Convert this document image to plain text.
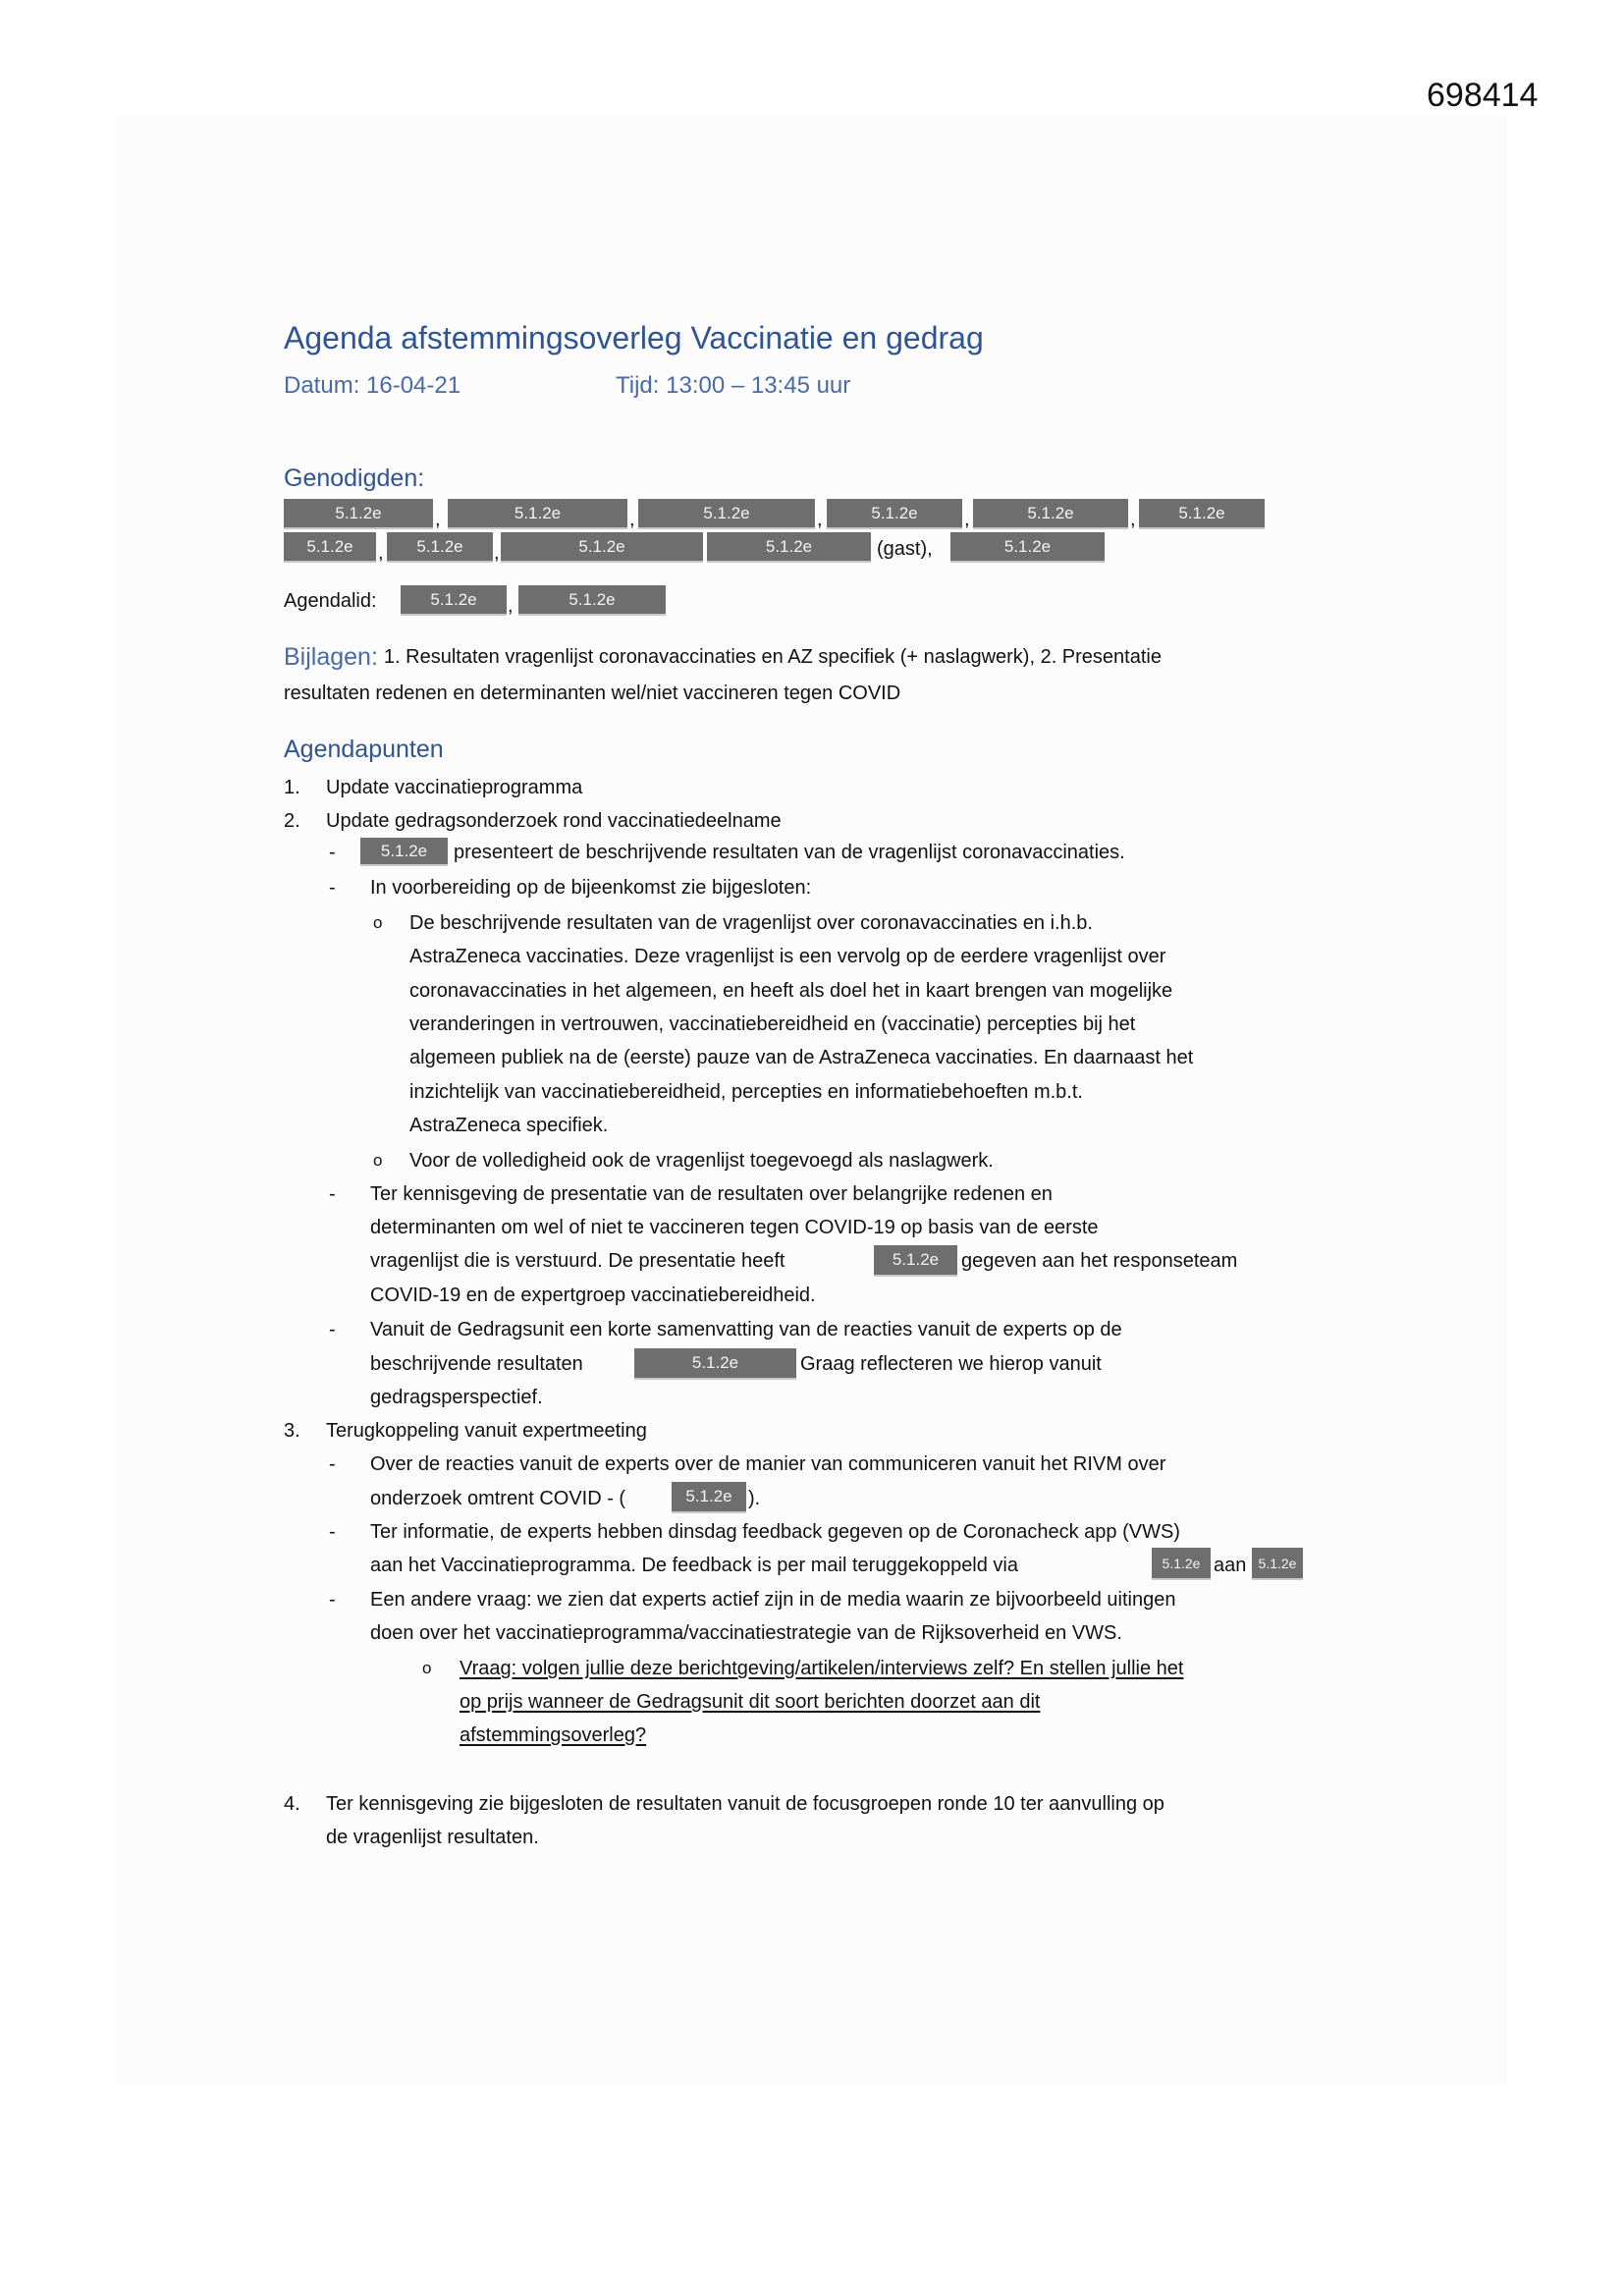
698414
Agenda afstemmingsoverleg Vaccinatie en gedrag
Datum: 16-04-21	Tijd: 13:00 – 13:45 uur
Genodigden:
5.1.2e	,	5.1.2e	,	5.1.2e	,	5.1.2e	,	5.1.2e	,	5.1.2e
5.1.2e	,	5.1.2e	,	5.1.2e	5.1.2e	(gast),	5.1.2e
Agendalid:	5.1.2e	,	5.1.2e
Bijlagen: 1. Resultaten vragenlijst coronavaccinaties en AZ specifiek (+ naslagwerk), 2. Presentatie
resultaten redenen en determinanten wel/niet vaccineren tegen COVID
Agendapunten
1. Update vaccinatieprogramma
2. Update gedragsonderzoek rond vaccinatiedeelname
-	5.1.2e	presenteert de beschrijvende resultaten van de vragenlijst coronavaccinaties.
- In voorbereiding op de bijeenkomst zie bijgesloten:
o De beschrijvende resultaten van de vragenlijst over coronavaccinaties en i.h.b.
AstraZeneca vaccinaties. Deze vragenlijst is een vervolg op de eerdere vragenlijst over
coronavaccinaties in het algemeen, en heeft als doel het in kaart brengen van mogelijke
veranderingen in vertrouwen, vaccinatiebereidheid en (vaccinatie) percepties bij het
algemeen publiek na de (eerste) pauze van de AstraZeneca vaccinaties. En daarnaast het
inzichtelijk van vaccinatiebereidheid, percepties en informatiebehoeften m.b.t.
AstraZeneca specifiek.
o Voor de volledigheid ook de vragenlijst toegevoegd als naslagwerk.
- Ter kennisgeving de presentatie van de resultaten over belangrijke redenen en
determinanten om wel of niet te vaccineren tegen COVID-19 op basis van de eerste
vragenlijst die is verstuurd. De presentatie heeft	5.1.2e	gegeven aan het responseteam
COVID-19 en de expertgroep vaccinatiebereidheid.
- Vanuit de Gedragsunit een korte samenvatting van de reacties vanuit de experts op de
beschrijvende resultaten	5.1.2e	Graag reflecteren we hierop vanuit
gedragsperspectief.
3. Terugkoppeling vanuit expertmeeting
- Over de reacties vanuit de experts over de manier van communiceren vanuit het RIVM over
onderzoek omtrent COVID - (	5.1.2e ).
- Ter informatie, de experts hebben dinsdag feedback gegeven op de Coronacheck app (VWS)
aan het Vaccinatieprogramma. De feedback is per mail teruggekoppeld via	5.1.2e aan 5.1.2e
- Een andere vraag: we zien dat experts actief zijn in de media waarin ze bijvoorbeeld uitingen
doen over het vaccinatieprogramma/vaccinatiestrategie van de Rijksoverheid en VWS.
o Vraag: volgen jullie deze berichtgeving/artikelen/interviews zelf? En stellen jullie het
op prijs wanneer de Gedragsunit dit soort berichten doorzet aan dit
afstemmingsoverleg?
4. Ter kennisgeving zie bijgesloten de resultaten vanuit de focusgroepen ronde 10 ter aanvulling op
de vragenlijst resultaten.
